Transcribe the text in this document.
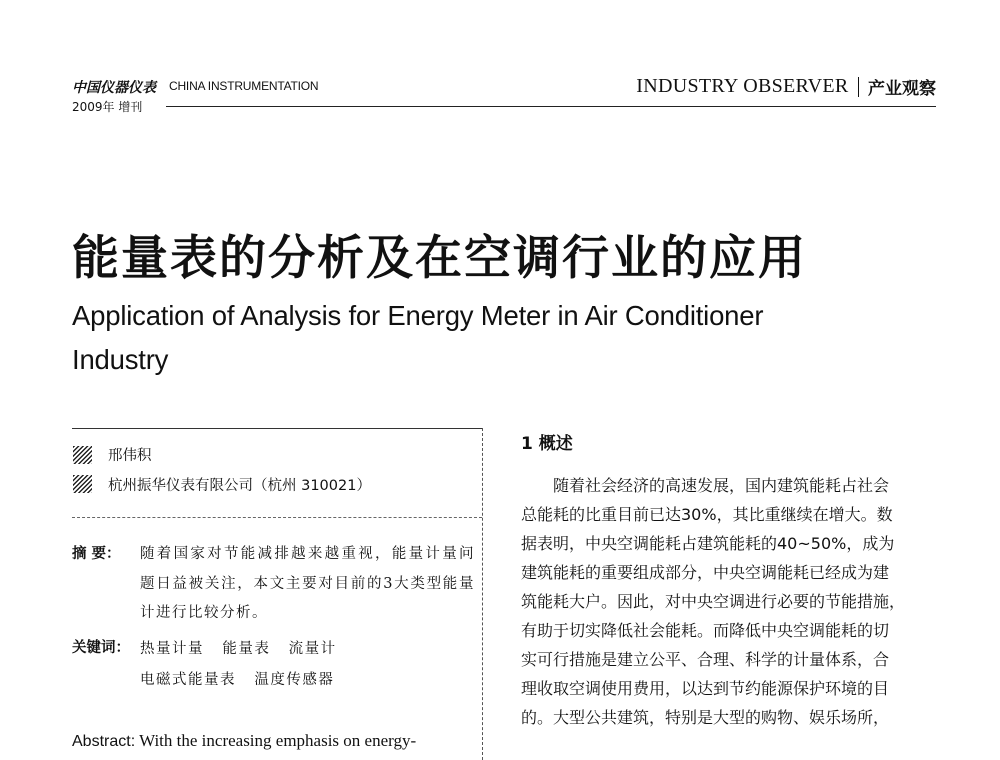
中国仪器仪表 CHINA INSTRUMENTATION
2009年 增刊
INDUSTRY OBSERVER 产业观察
能量表的分析及在空调行业的应用
Application of Analysis for Energy Meter in Air Conditioner Industry
邢伟积
杭州振华仪表有限公司（杭州 310021）
摘 要： 随着国家对节能减排越来越重视，能量计量问题日益被关注，本文主要对目前的3大类型能量计进行比较分析。
关键词： 热量计量   能量表   流量计
电磁式能量表   温度传感器
Abstract: With the increasing emphasis on energy-
1 概述
　　随着社会经济的高速发展，国内建筑能耗占社会
总能耗的比重目前已达30%，其比重继续在增大。数
据表明，中央空调能耗占建筑能耗的40~50%，成为
建筑能耗的重要组成部分，中央空调能耗已经成为建
筑能耗大户。因此，对中央空调进行必要的节能措施，
有助于切实降低社会能耗。而降低中央空调能耗的切
实可行措施是建立公平、合理、科学的计量体系，合
理收取空调使用费用，以达到节约能源保护环境的目
的。大型公共建筑，特别是大型的购物、娱乐场所，
